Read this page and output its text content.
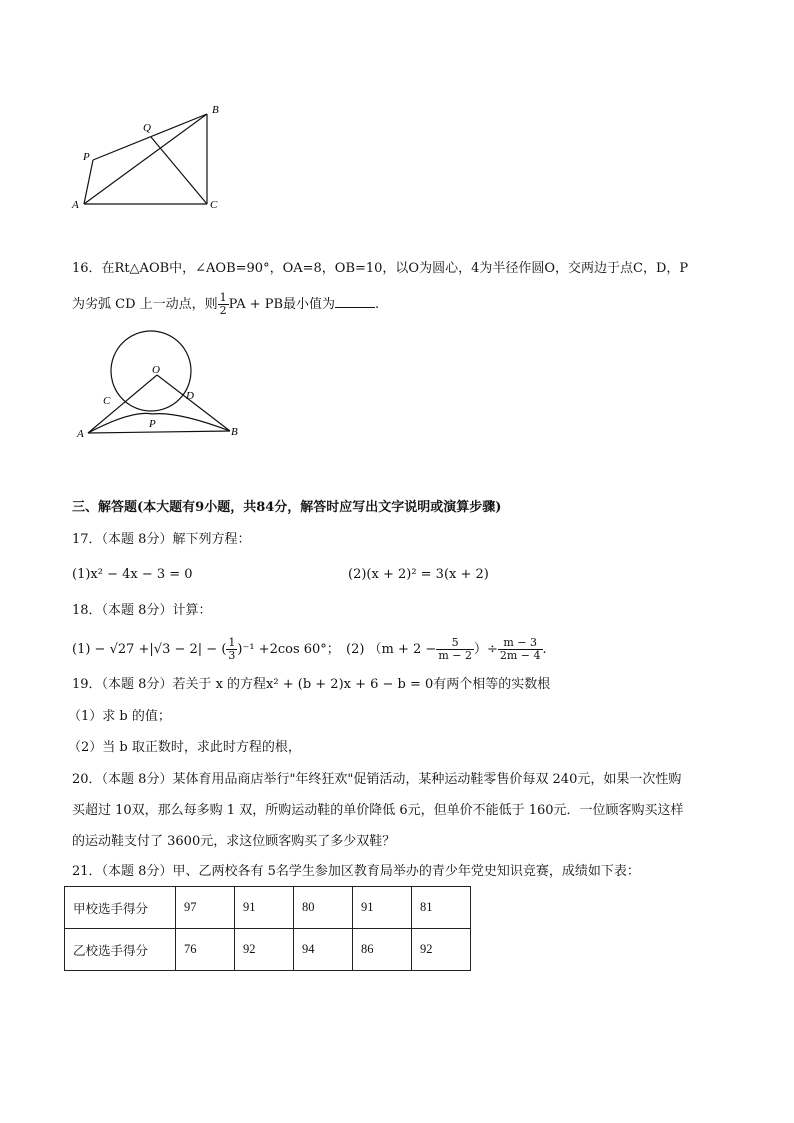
B
Q
P
A	C
16．在Rt△AOB中，∠AOB=90°，OA=8，OB=10，以O为圆心，4为半径作圆O，交两边于点C，D，P
为劣弧 CD 上一动点，则 $\frac{1}{2}$ PA + PB最小值为	.
O
D
C
P
A	B
三、解答题(本大题有9小题，共84分，解答时应写出文字说明或演算步骤)
17．（本题 8分）解下列方程：
(1)x² − 4x − 3 = 0	(2)(x + 2)² = 3(x + 2)
18．（本题 8分）计算：
(1) − √27 +|√3 − 2| − ( $\frac{1}{3} )^{-1} +2\cos$ 60°； (2) （$m + 2 - \frac{5}{m - 2}$ ）÷ $\frac{m - 3}{2m - 4}$ .
19．（本题 8分）若关于 x 的方程x² + (b + 2)x + 6 − b = 0有两个相等的实数根
（1）求 b 的值；
（2）当 b 取正数时，求此时方程的根，
20．（本题 8分）某体育用品商店举行"年终狂欢"促销活动，某种运动鞋零售价每双 240元，如果一次性购
买超过 10双，那么每多购 1 双，所购运动鞋的单价降低 6元，但单价不能低于 160元．一位顾客购买这样
的运动鞋支付了 3600元，求这位顾客购买了多少双鞋？
21．（本题 8分）甲、乙两校各有 5名学生参加区教育局举办的青少年党史知识竞赛，成绩如下表：
甲校选手得分	97	91	80	91	81
乙校选手得分	76	92	94	86	92
